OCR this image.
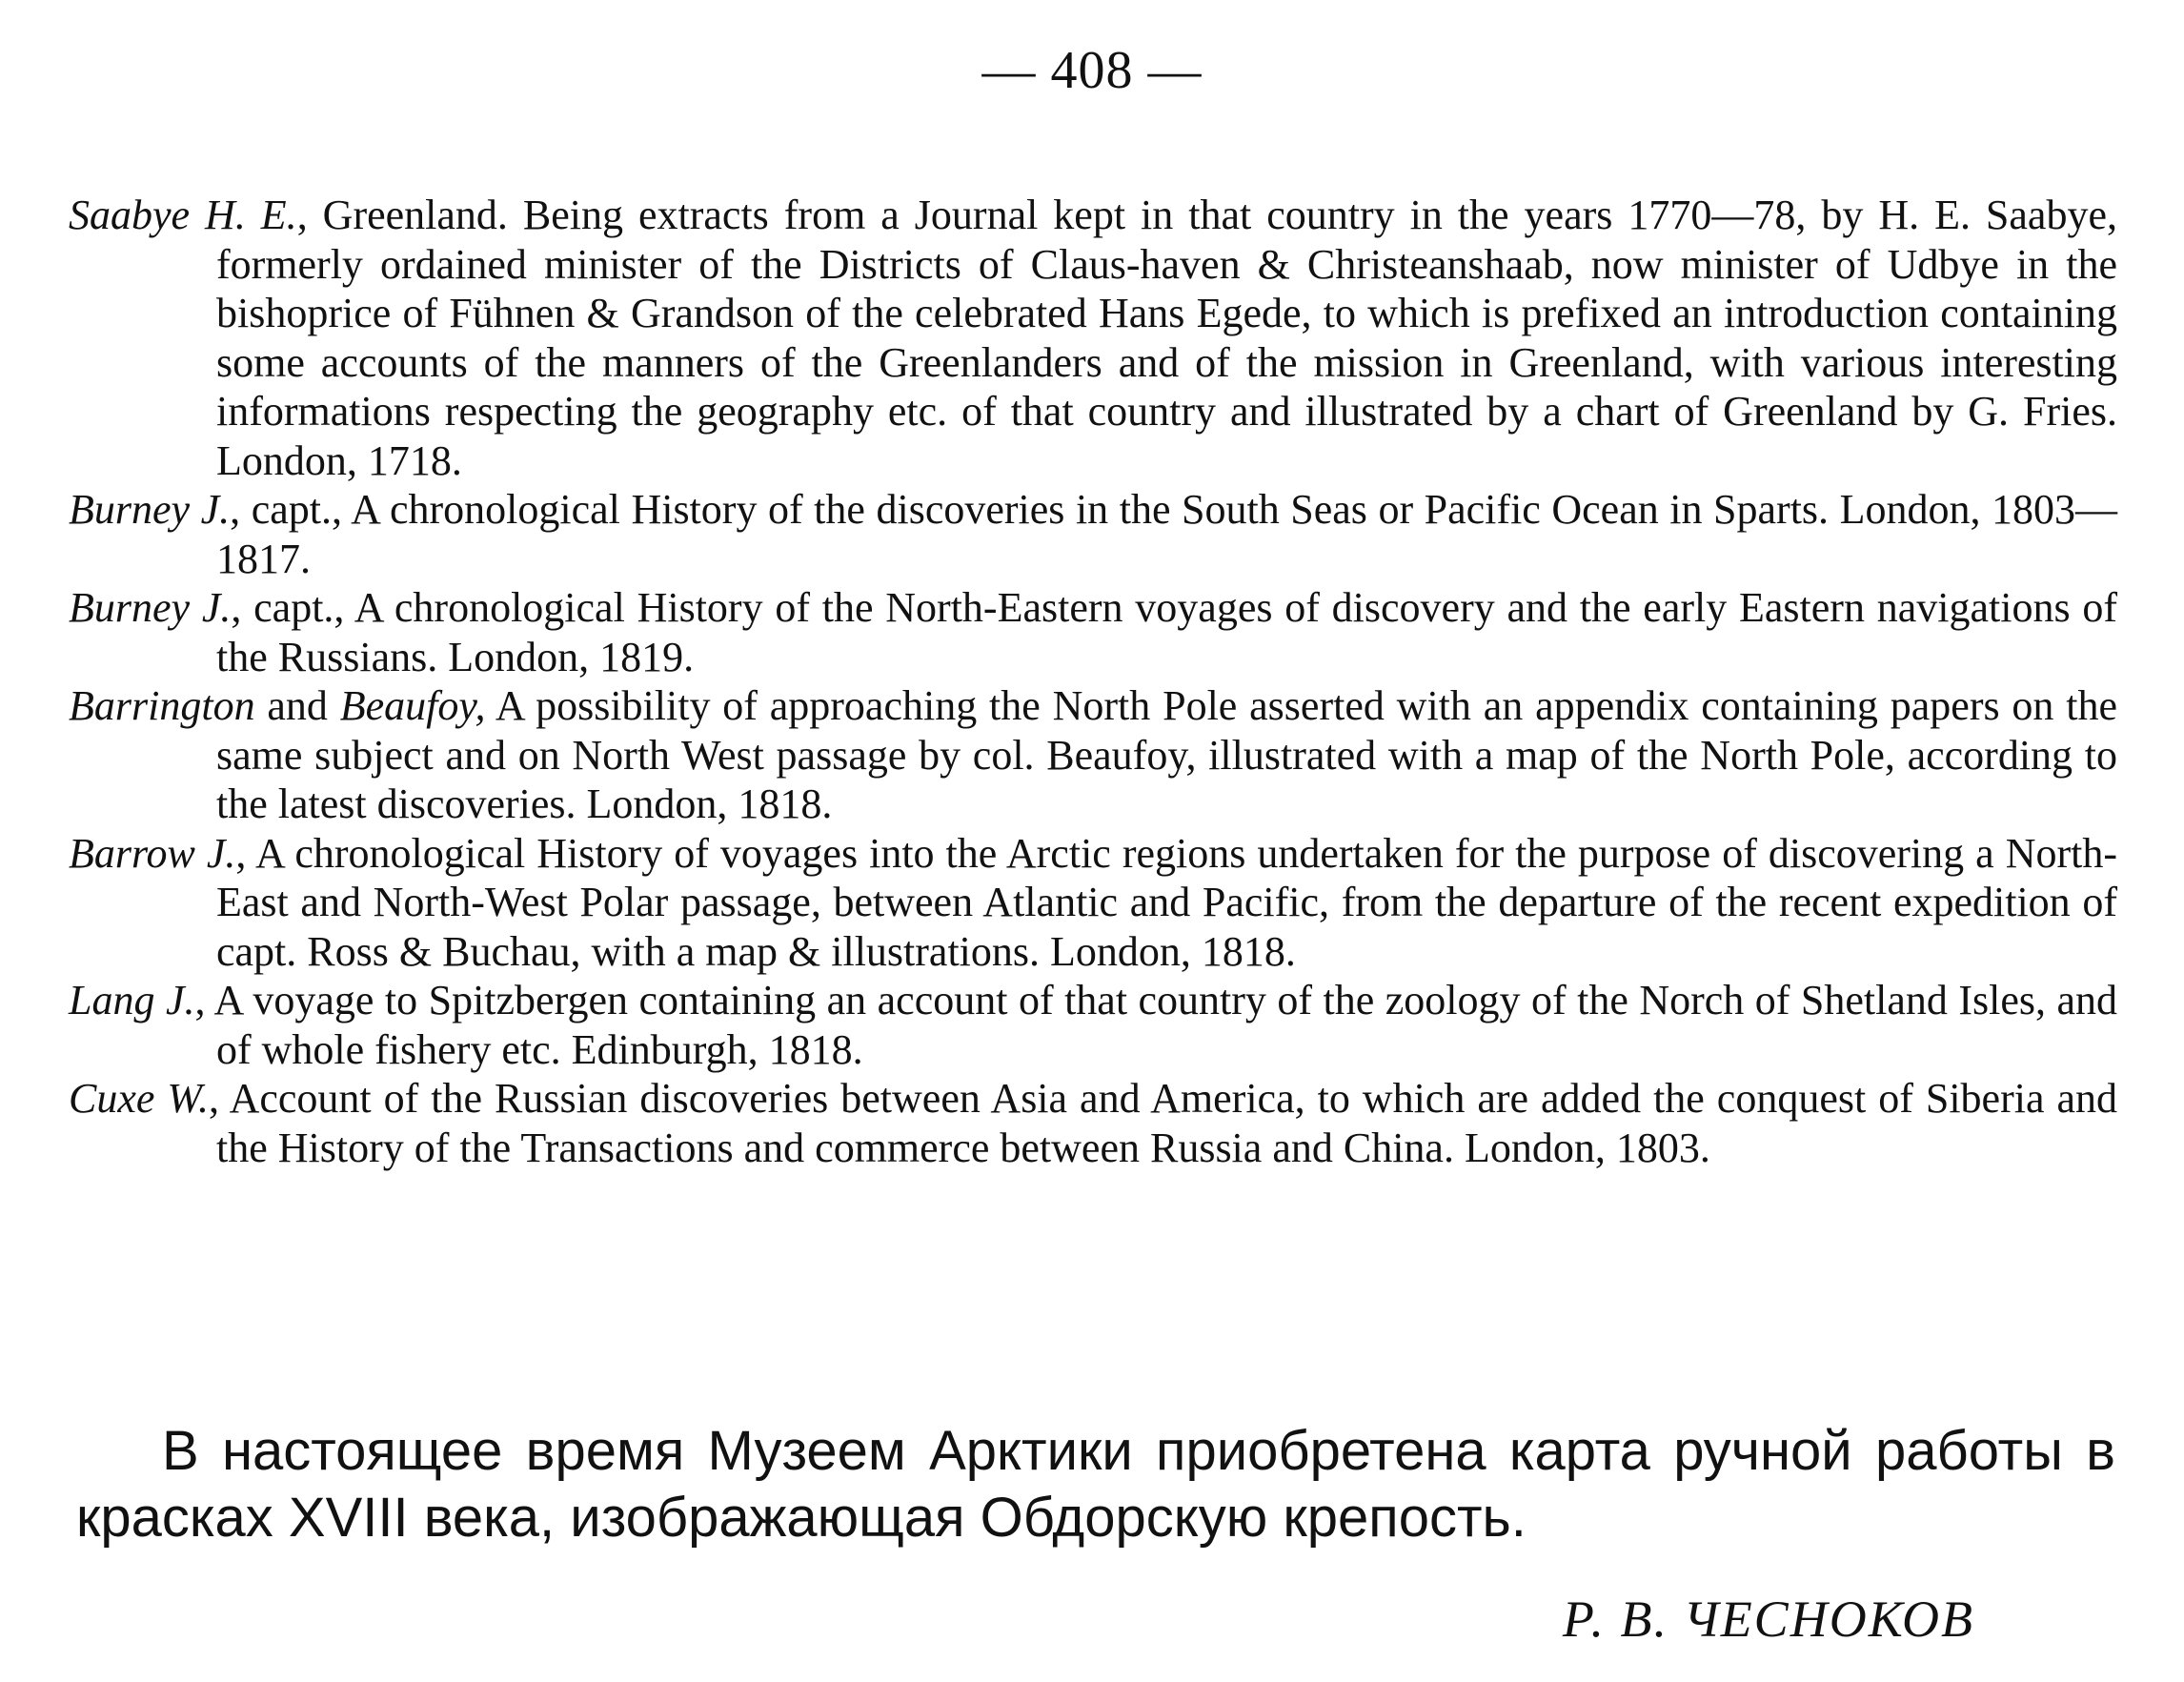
— 408 —

Saabye H. E., Greenland. Being extracts from a Journal kept in that country in the years 1770—78, by H. E. Saabye, formerly ordained minister of the Districts of Claus-haven & Christeanshaab, now minister of Udbye in the bishoprice of Fühnen & Grandson of the celebrated Hans Egede, to which is prefixed an introduction containing some accounts of the manners of the Greenlanders and of the mission in Greenland, with various interesting informations respecting the geography etc. of that country and illustrated by a chart of Greenland by G. Fries. London, 1718.

Burney J., capt., A chronological History of the discoveries in the South Seas or Pacific Ocean in Sparts. London, 1803—1817.

Burney J., capt., A chronological History of the North-Eastern voyages of discovery and the early Eastern navigations of the Russians. London, 1819.

Barrington and Beaufoy, A possibility of approaching the North Pole asserted with an appendix containing papers on the same subject and on North West passage by col. Beaufoy, illustrated with a map of the North Pole, according to the latest discoveries. London, 1818.

Barrow J., A chronological History of voyages into the Arctic regions undertaken for the purpose of discovering a North-East and North-West Polar passage, between Atlantic and Pacific, from the departure of the recent expedition of capt. Ross & Buchau, with a map & illustrations. London, 1818.

Lang J., A voyage to Spitzbergen containing an account of that country of the zoology of the Norch of Shetland Isles, and of whole fishery etc. Edinburgh, 1818.

Cuxe W., Account of the Russian discoveries between Asia and America, to which are added the conquest of Siberia and the History of the Transactions and commerce between Russia and China. London, 1803.

В настоящее время Музеем Арктики приобретена карта ручной работы в красках XVIII века, изображающая Обдорскую крепость.

Р. В. ЧЕСНОКОВ
